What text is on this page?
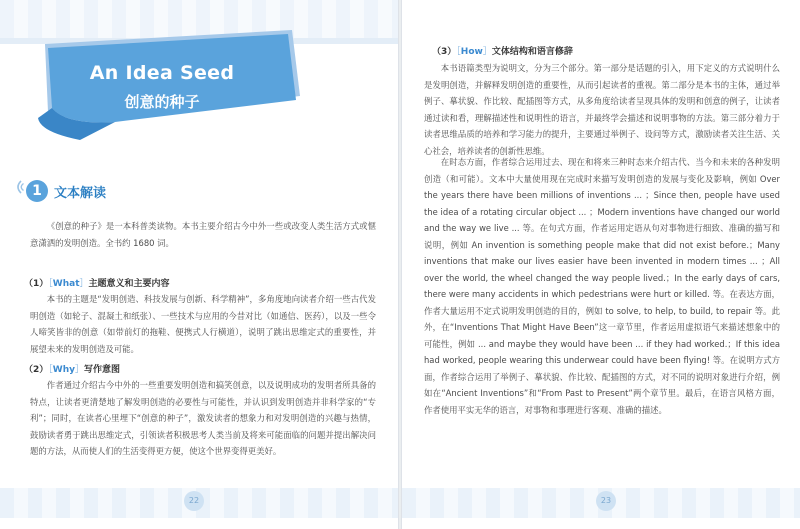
An Idea Seed
创意的种子
1 文本解读
《创意的种子》是一本科普类读物。本书主要介绍古今中外一些或改变人类生活方式或惬意潇洒的发明创造。全书约 1680 词。
（1）［What］主题意义和主要内容
本书的主题是“发明创造、科技发展与创新、科学精神”，多角度地向读者介绍一些古代发明创造（如轮子、混凝土和纸张）、一些技术与应用的今昔对比（如通信、医药），以及一些令人啼笑皆非的创意（如带前灯的拖鞋、便携式人行横道），说明了跳出思维定式的重要性，并展望未来的发明创造及可能。
（2）［Why］写作意图
作者通过介绍古今中外的一些重要发明创造和搞笑创意，以及说明成功的发明者所具备的特点，让读者更清楚地了解发明创造的必要性与可能性，并认识到发明创造并非科学家的“专利”；同时，在读者心里埋下“创意的种子”，激发读者的想象力和对发明创造的兴趣与热情，鼓励读者勇于跳出思维定式，引领读者积极思考人类当前及将来可能面临的问题并提出解决问题的方法，从而使人们的生活变得更方便，使这个世界变得更美好。
22
（3）［How］文体结构和语言修辞
本书语篇类型为说明文，分为三个部分。第一部分是话题的引入，用下定义的方式说明什么是发明创造，并解释发明创造的重要性，从而引起读者的重视。第二部分是本书的主体，通过举例子、摹状貌、作比较、配插图等方式，从多角度给读者呈现具体的发明和创意的例子，让读者通过读和看，理解描述性和说明性的语言，并最终学会描述和说明事物的方法。第三部分着力于读者思维品质的培养和学习能力的提升，主要通过举例子、设问等方式，激励读者关注生活、关心社会，培养读者的创新性思维。
在时态方面，作者综合运用过去、现在和将来三种时态来介绍古代、当今和未来的各种发明创造（和可能）。文本中大量使用现在完成时来描写发明创造的发展与变化及影响，例如 Over the years there have been millions of inventions ... ；Since then, people have used the idea of a rotating circular object ... ；Modern inventions have changed our world and the way we live ... 等。在句式方面，作者运用定语从句对事物进行细致、准确的描写和说明，例如 An invention is something people make that did not exist before.；Many inventions that make our lives easier have been invented in modern times ... ；All over the world, the wheel changed the way people lived.；In the early days of cars, there were many accidents in which pedestrians were hurt or killed. 等。在表达方面，作者大量运用不定式说明发明创造的目的，例如 to solve, to help, to build, to repair 等。此外，在“Inventions That Might Have Been”这一章节里，作者运用虚拟语气来描述想象中的可能性，例如 ... and maybe they would have been ... if they had worked.；If this idea had worked, people wearing this underwear could have been flying! 等。在说明方式方面，作者综合运用了举例子、摹状貌、作比较、配插图的方式，对不同的说明对象进行介绍，例如在“Ancient Inventions”和“From Past to Present”两个章节里。最后，在语言风格方面，作者使用平实无华的语言，对事物和事理进行客观、准确的描述。
23
